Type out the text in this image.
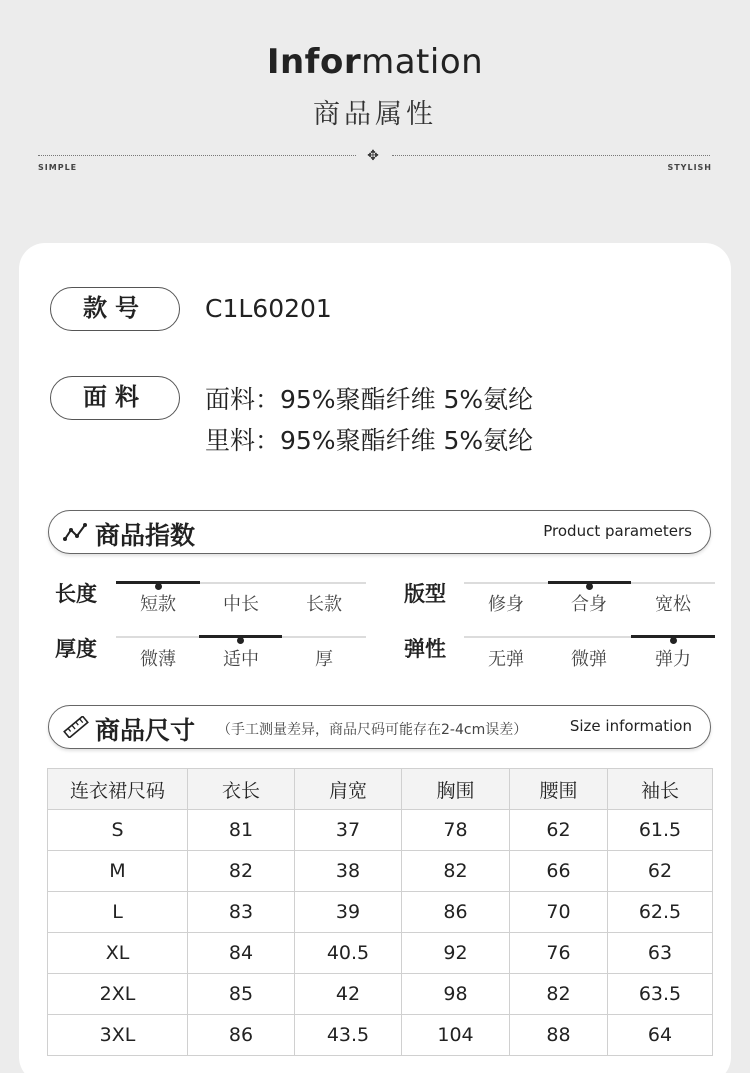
Information
商品属性
✥
SIMPLE	STYLISH
款号	C1L60201
面料	面料：95%聚酯纤维 5%氨纶
里料：95%聚酯纤维 5%氨纶
商品指数	Product parameters
长度	短款	中长	长款	版型	修身	合身	宽松
厚度	微薄	适中	厚	弹性	无弹	微弹	弹力
商品尺寸 （手工测量差异，商品尺码可能存在2-4cm误差）	Size information
连衣裙尺码	衣长	肩宽	胸围	腰围	袖长
S	81	37	78	62	61.5
M	82	38	82	66	62
L	83	39	86	70	62.5
XL	84	40.5	92	76	63
2XL	85	42	98	82	63.5
3XL	86	43.5	104	88	64
